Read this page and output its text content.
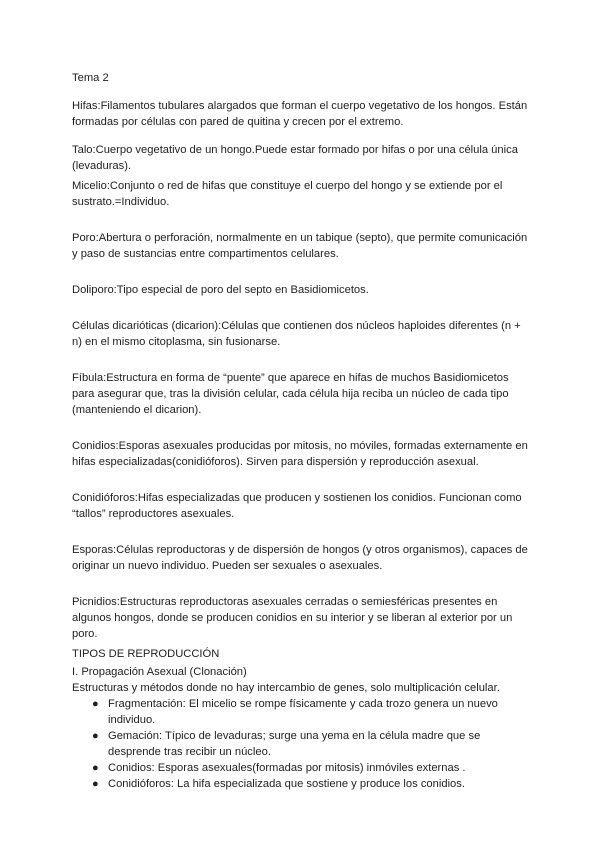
Tema 2

Hifas:Filamentos tubulares alargados que forman el cuerpo vegetativo de los hongos. Están formadas por células con pared de quitina y crecen por el extremo.

Talo:Cuerpo vegetativo de un hongo.Puede estar formado por hifas o por una célula única (levaduras).

Micelio:Conjunto o red de hifas que constituye el cuerpo del hongo y se extiende por el sustrato.=Individuo.

Poro:Abertura o perforación, normalmente en un tabique (septo), que permite comunicación y paso de sustancias entre compartimentos celulares.

Doliporo:Tipo especial de poro del septo en Basidiomicetos.

Células dicarióticas (dicarion):Células que contienen dos núcleos haploides diferentes (n + n) en el mismo citoplasma, sin fusionarse.

Fíbula:Estructura en forma de “puente” que aparece en hifas de muchos Basidiomicetos para asegurar que, tras la división celular, cada célula hija reciba un núcleo de cada tipo (manteniendo el dicarion).

Conidios:Esporas asexuales producidas por mitosis, no móviles, formadas externamente en hifas especializadas(conidióforos). Sirven para dispersión y reproducción asexual.

Conidióforos:Hifas especializadas que producen y sostienen los conidios. Funcionan como “tallos” reproductores asexuales.

Esporas:Células reproductoras y de dispersión de hongos (y otros organismos), capaces de originar un nuevo individuo. Pueden ser sexuales o asexuales.

Picnidios:Estructuras reproductoras asexuales cerradas o semiesféricas presentes en algunos hongos, donde se producen conidios en su interior y se liberan al exterior por un poro.

TIPOS DE REPRODUCCIÓN

I. Propagación Asexual (Clonación)

Estructuras y métodos donde no hay intercambio de genes, solo multiplicación celular.

● Fragmentación: El micelio se rompe físicamente y cada trozo genera un nuevo individuo.
● Gemación: Típico de levaduras; surge una yema en la célula madre que se desprende tras recibir un núcleo.
● Conidios: Esporas asexuales(formadas por mitosis) inmóviles externas .
● Conidióforos: La hifa especializada que sostiene y produce los conidios.
